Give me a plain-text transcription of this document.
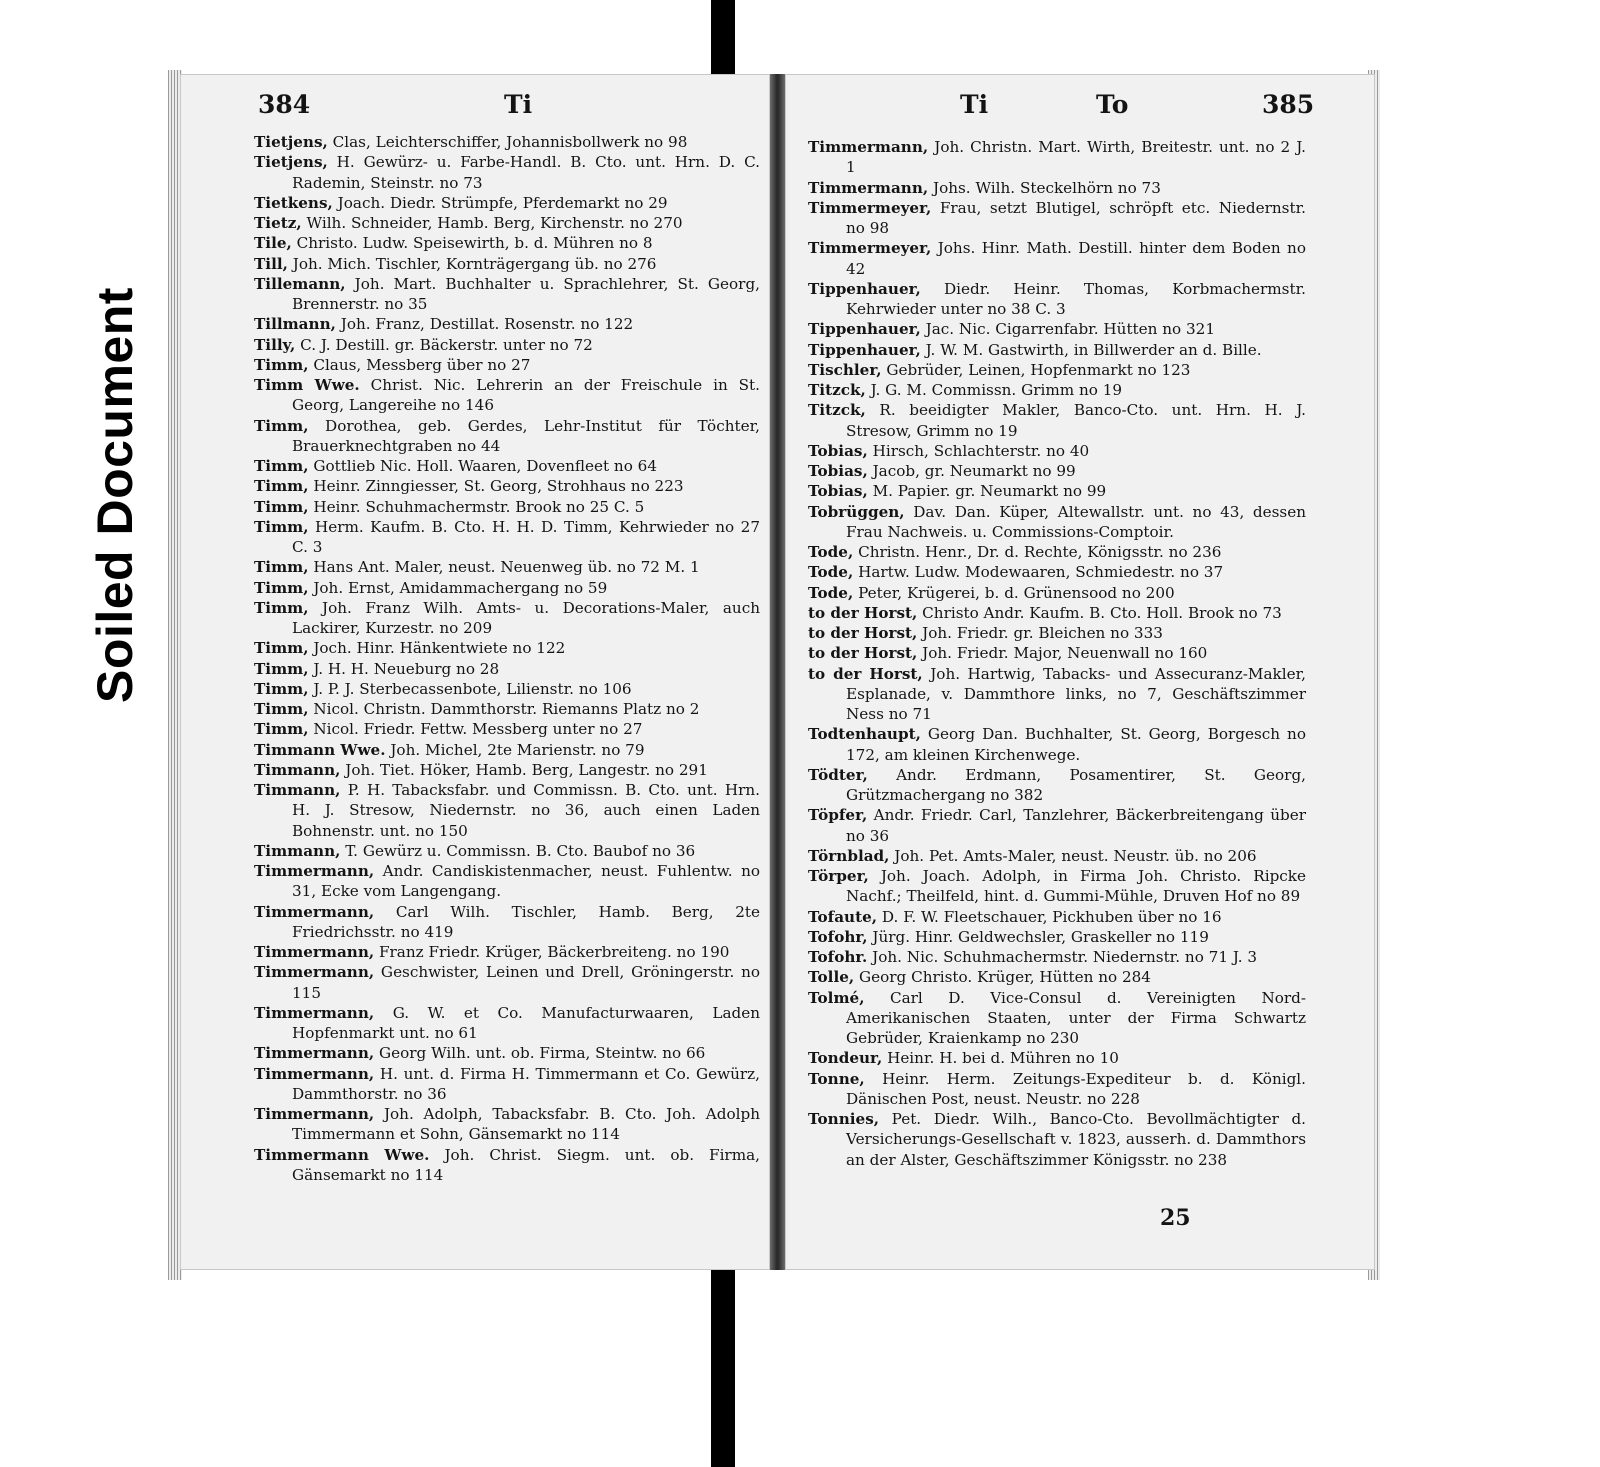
Soiled Document
384	Ti	Ti	To	385
Tietjens, Clas, Leichterschiffer, Johannisbollwerk no 98
Tietjens, H. Gewürz- u. Farbe-Handl. B. Cto. unt. Hrn. D. C. Rademin, Steinstr. no 73
Tietkens, Joach. Diedr. Strümpfe, Pferdemarkt no 29
Tietz, Wilh. Schneider, Hamb. Berg, Kirchenstr. no 270
Tile, Christo. Ludw. Speisewirth, b. d. Mühren no 8
Till, Joh. Mich. Tischler, Kornträgergang üb. no 276
Tillemann, Joh. Mart. Buchhalter u. Sprachlehrer, St. Georg, Brennerstr. no 35
Tillmann, Joh. Franz, Destillat. Rosenstr. no 122
Tilly, C. J. Destill. gr. Bäckerstr. unter no 72
Timm, Claus, Messberg über no 27
Timm Wwe. Christ. Nic. Lehrerin an der Freischule in St. Georg, Langereihe no 146
Timm, Dorothea, geb. Gerdes, Lehr-Institut für Töchter, Brauerknechtgraben no 44
Timm, Gottlieb Nic. Holl. Waaren, Dovenfleet no 64
Timm, Heinr. Zinngiesser, St. Georg, Strohhaus no 223
Timm, Heinr. Schuhmachermstr. Brook no 25 C. 5
Timm, Herm. Kaufm. B. Cto. H. H. D. Timm, Kehrwieder no 27 C. 3
Timm, Hans Ant. Maler, neust. Neuenweg üb. no 72 M. 1
Timm, Joh. Ernst, Amidammachergang no 59
Timm, Joh. Franz Wilh. Amts- u. Decorations-Maler, auch Lackirer, Kurzestr. no 209
Timm, Joch. Hinr. Hänkentwiete no 122
Timm, J. H. H. Neueburg no 28
Timm, J. P. J. Sterbecassenbote, Lilienstr. no 106
Timm, Nicol. Christn. Dammthorstr. Riemanns Platz no 2
Timm, Nicol. Friedr. Fettw. Messberg unter no 27
Timmann Wwe. Joh. Michel, 2te Marienstr. no 79
Timmann, Joh. Tiet. Höker, Hamb. Berg, Langestr. no 291
Timmann, P. H. Tabacksfabr. und Commissn. B. Cto. unt. Hrn. H. J. Stresow, Niedernstr. no 36, auch einen Laden Bohnenstr. unt. no 150
Timmann, T. Gewürz u. Commissn. B. Cto. Baubof no 36
Timmermann, Andr. Candiskistenmacher, neust. Fuhlentw. no 31, Ecke vom Langengang.
Timmermann, Carl Wilh. Tischler, Hamb. Berg, 2te Friedrichsstr. no 419
Timmermann, Franz Friedr. Krüger, Bäckerbreiteng. no 190
Timmermann, Geschwister, Leinen und Drell, Gröningerstr. no 115
Timmermann, G. W. et Co. Manufacturwaaren, Laden Hopfenmarkt unt. no 61
Timmermann, Georg Wilh. unt. ob. Firma, Steintw. no 66
Timmermann, H. unt. d. Firma H. Timmermann et Co. Gewürz, Dammthorstr. no 36
Timmermann, Joh. Adolph, Tabacksfabr. B. Cto. Joh. Adolph Timmermann et Sohn, Gänsemarkt no 114
Timmermann Wwe. Joh. Christ. Siegm. unt. ob. Firma, Gänsemarkt no 114
Timmermann, Joh. Christn. Mart. Wirth, Breitestr. unt. no 2 J. 1
Timmermann, Johs. Wilh. Steckelhörn no 73
Timmermeyer, Frau, setzt Blutigel, schröpft etc. Niedernstr. no 98
Timmermeyer, Johs. Hinr. Math. Destill. hinter dem Boden no 42
Tippenhauer, Diedr. Heinr. Thomas, Korbmachermstr. Kehrwieder unter no 38 C. 3
Tippenhauer, Jac. Nic. Cigarrenfabr. Hütten no 321
Tippenhauer, J. W. M. Gastwirth, in Billwerder an d. Bille.
Tischler, Gebrüder, Leinen, Hopfenmarkt no 123
Titzck, J. G. M. Commissn. Grimm no 19
Titzck, R. beeidigter Makler, Banco-Cto. unt. Hrn. H. J. Stresow, Grimm no 19
Tobias, Hirsch, Schlachterstr. no 40
Tobias, Jacob, gr. Neumarkt no 99
Tobias, M. Papier. gr. Neumarkt no 99
Tobrüggen, Dav. Dan. Küper, Altewallstr. unt. no 43, dessen Frau Nachweis. u. Commissions-Comptoir.
Tode, Christn. Henr., Dr. d. Rechte, Königsstr. no 236
Tode, Hartw. Ludw. Modewaaren, Schmiedestr. no 37
Tode, Peter, Krügerei, b. d. Grünensood no 200
to der Horst, Christo Andr. Kaufm. B. Cto. Holl. Brook no 73
to der Horst, Joh. Friedr. gr. Bleichen no 333
to der Horst, Joh. Friedr. Major, Neuenwall no 160
to der Horst, Joh. Hartwig, Tabacks- und Assecuranz-Makler, Esplanade, v. Dammthore links, no 7, Geschäftszimmer Ness no 71
Todtenhaupt, Georg Dan. Buchhalter, St. Georg, Borgesch no 172, am kleinen Kirchenwege.
Tödter, Andr. Erdmann, Posamentirer, St. Georg, Grützmachergang no 382
Töpfer, Andr. Friedr. Carl, Tanzlehrer, Bäckerbreitengang über no 36
Törnblad, Joh. Pet. Amts-Maler, neust. Neustr. üb. no 206
Törper, Joh. Joach. Adolph, in Firma Joh. Christo. Ripcke Nachf.; Theilfeld, hint. d. Gummi-Mühle, Druven Hof no 89
Tofaute, D. F. W. Fleetschauer, Pickhuben über no 16
Tofohr, Jürg. Hinr. Geldwechsler, Graskeller no 119
Tofohr. Joh. Nic. Schuhmachermstr. Niedernstr. no 71 J. 3
Tolle, Georg Christo. Krüger, Hütten no 284
Tolmé, Carl D. Vice-Consul d. Vereinigten Nord-Amerikanischen Staaten, unter der Firma Schwartz Gebrüder, Kraienkamp no 230
Tondeur, Heinr. H. bei d. Mühren no 10
Tonne, Heinr. Herm. Zeitungs-Expediteur b. d. Königl. Dänischen Post, neust. Neustr. no 228
Tonnies, Pet. Diedr. Wilh., Banco-Cto. Bevollmächtigter d. Versicherungs-Gesellschaft v. 1823, ausserh. d. Dammthors an der Alster, Geschäftszimmer Königsstr. no 238
25
